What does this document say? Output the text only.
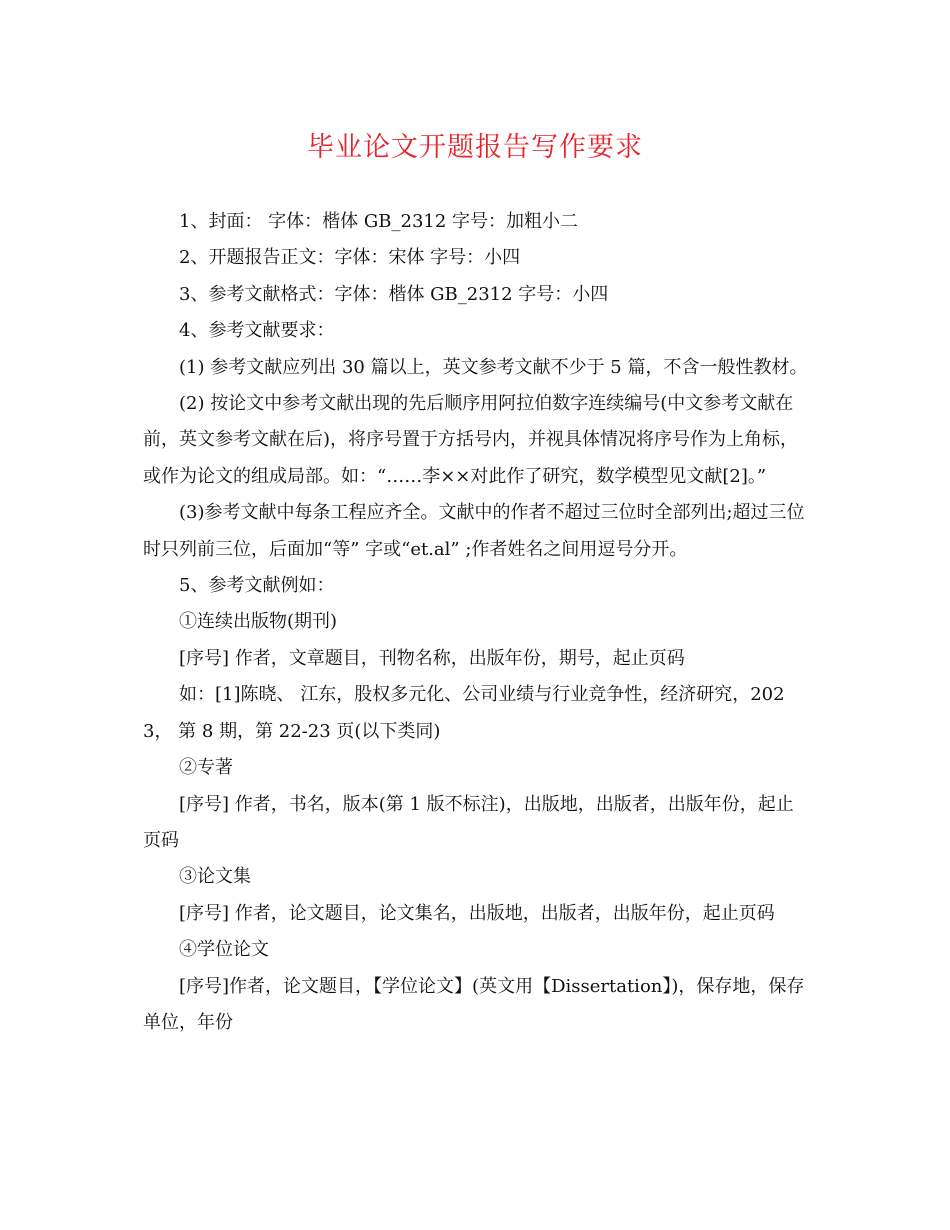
毕业论文开题报告写作要求

1、封面： 字体：楷体 GB_2312 字号：加粗小二

2、开题报告正文：字体：宋体 字号：小四

3、参考文献格式：字体：楷体 GB_2312 字号：小四

4、参考文献要求：

(1) 参考文献应列出 30 篇以上，英文参考文献不少于 5 篇，不含一般性教材。

(2) 按论文中参考文献出现的先后顺序用阿拉伯数字连续编号(中文参考文献在前，英文参考文献在后)，将序号置于方括号内，并视具体情况将序号作为上角标，或作为论文的组成局部。如：“……李××对此作了研究，数学模型见文献[2]。”

(3)参考文献中每条工程应齐全。文献中的作者不超过三位时全部列出;超过三位时只列前三位，后面加“等” 字或“et.al” ;作者姓名之间用逗号分开。

5、参考文献例如：

①连续出版物(期刊)

[序号] 作者，文章题目，刊物名称，出版年份，期号，起止页码

如：[1]陈晓、 江东，股权多元化、公司业绩与行业竞争性，经济研究，2023， 第 8 期，第 22-23 页(以下类同)

②专著

[序号] 作者，书名，版本(第 1 版不标注)，出版地，出版者，出版年份，起止页码

③论文集

[序号] 作者，论文题目，论文集名，出版地，出版者，出版年份，起止页码

④学位论文

[序号]作者，论文题目，【学位论文】(英文用【Dissertation】)，保存地，保存单位，年份
